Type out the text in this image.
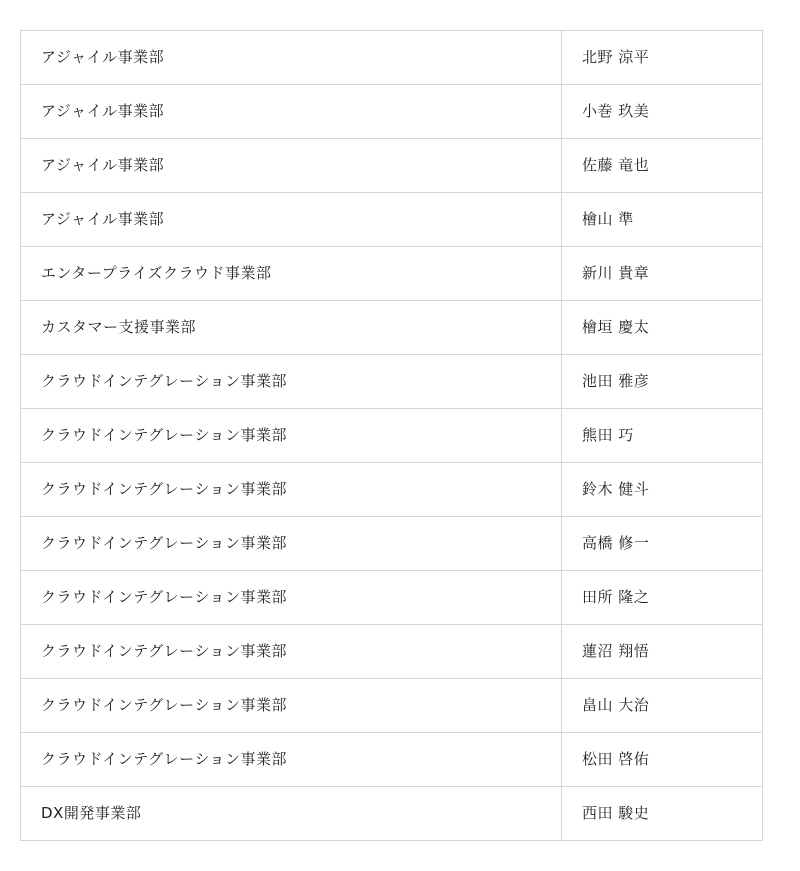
アジャイル事業部	北野 涼平
アジャイル事業部	小巻 玖美
アジャイル事業部	佐藤 竜也
アジャイル事業部	檜山 準
エンタープライズクラウド事業部	新川 貴章
カスタマー支援事業部	檜垣 慶太
クラウドインテグレーション事業部	池田 雅彦
クラウドインテグレーション事業部	熊田 巧
クラウドインテグレーション事業部	鈴木 健斗
クラウドインテグレーション事業部	高橋 修一
クラウドインテグレーション事業部	田所 隆之
クラウドインテグレーション事業部	蓮沼 翔悟
クラウドインテグレーション事業部	畠山 大治
クラウドインテグレーション事業部	松田 啓佑
DX開発事業部	西田 駿史
